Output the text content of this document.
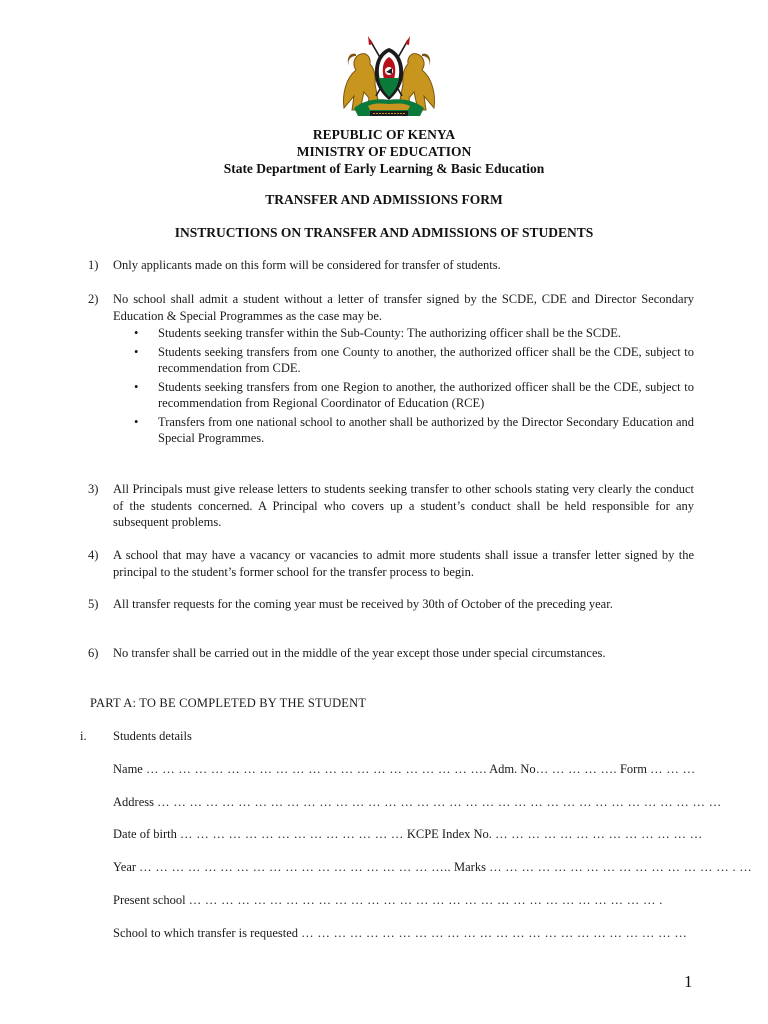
REPUBLIC OF KENYA
MINISTRY OF EDUCATION
State Department of Early Learning & Basic Education
TRANSFER AND ADMISSIONS FORM
INSTRUCTIONS ON TRANSFER AND ADMISSIONS OF STUDENTS
1)	Only applicants made on this form will be considered for transfer of students.
2)	No school shall admit a student without a letter of transfer signed by the SCDE, CDE and Director Secondary Education & Special Programmes as the case may be.
• Students seeking transfer within the Sub-County: The authorizing officer shall be the SCDE.
• Students seeking transfers from one County to another, the authorized officer shall be the CDE, subject to recommendation from CDE.
• Students seeking transfers from one Region to another, the authorized officer shall be the CDE, subject to recommendation from Regional Coordinator of Education (RCE)
• Transfers from one national school to another shall be authorized by the Director Secondary Education and Special Programmes.
3)	All Principals must give release letters to students seeking transfer to other schools stating very clearly the conduct of the students concerned. A Principal who covers up a student’s conduct shall be held responsible for any subsequent problems.
4)	A school that may have a vacancy or vacancies to admit more students shall issue a transfer letter signed by the principal to the student’s former school for the transfer process to begin.
5)	All transfer requests for the coming year must be received by 30th of October of the preceding year.
6)	No transfer shall be carried out in the middle of the year except those under special circumstances.
PART A: TO BE COMPLETED BY THE STUDENT
i. Students details
Name … … … … … … … … … … … … … … … … … … … … …. Adm. No… … … … …. Form … … …
Address … … … … … … … … … … … … … … … … … … … … … … … … … … … … … … … … … … …
Date of birth … … … … … … … … … … … … … … KCPE Index No. … … … … … … … … … … … … …
Year … … … … … … … … … … … … … … … … … … ….. Marks … … … … … … … … … … … … … … … . …
Present school … … … … … … … … … … … … … … … … … … … … … … … … … … … … … .
School to which transfer is requested … … … … … … … … … … … … … … … … … … … … … … … …
1
